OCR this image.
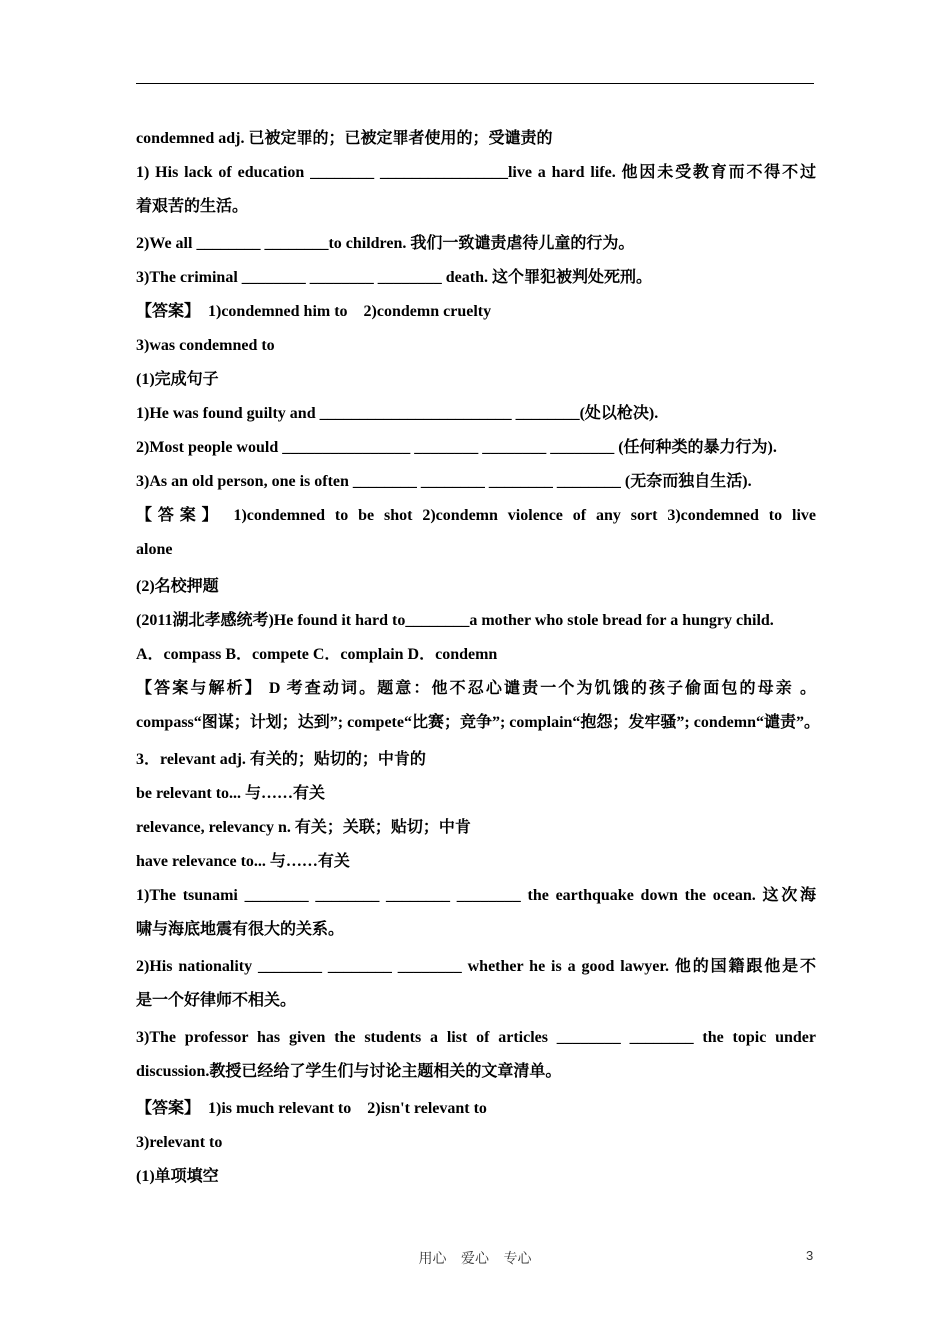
condemned adj. 已被定罪的；已被定罪者使用的；受谴责的
1) His lack of education ________ ________________live a hard life. 他因未受教育而不得不过
着艰苦的生活。
2)We all ________ ________to children. 我们一致谴责虐待儿童的行为。
3)The criminal ________ ________ ________ death. 这个罪犯被判处死刑。
【答案】　1)condemned him to　2)condemn cruelty
3)was condemned to
(1)完成句子
1)He was found guilty and ________________________ ________(处以枪决).
2)Most people would ________________ ________ ________ ________ (任何种类的暴力行为).
3)As an old person, one is often ________ ________ ________ ________ (无奈而独自生活).
【答案】 1)condemned to be shot 2)condemn violence of any sort 3)condemned to live
alone
(2)名校押题
(2011湖北孝感统考)He found it hard to________a mother who stole bread for a hungry child.
A．compass B．compete C．complain D．condemn
【答案与解析】 D 考查动词。题意：他不忍心谴责一个为饥饿的孩子偷面包的母亲 。
compass“图谋；计划；达到”; compete“比赛；竞争”; complain“抱怨；发牢骚”; condemn“谴责”。
3．relevant adj. 有关的；贴切的；中肯的
be relevant to... 与……有关
relevance, relevancy n. 有关；关联；贴切；中肯
have relevance to... 与……有关
1)The tsunami ________ ________ ________ ________ the earthquake down the ocean. 这次海
啸与海底地震有很大的关系。
2)His nationality ________ ________ ________ whether he is a good lawyer. 他的国籍跟他是不
是一个好律师不相关。
3)The professor has given the students a list of articles ________ ________ the topic under
discussion.教授已经给了学生们与讨论主题相关的文章清单。
【答案】　1)is much relevant to　2)isn't relevant to
3)relevant to
(1)单项填空
用心 爱心 专心	3
